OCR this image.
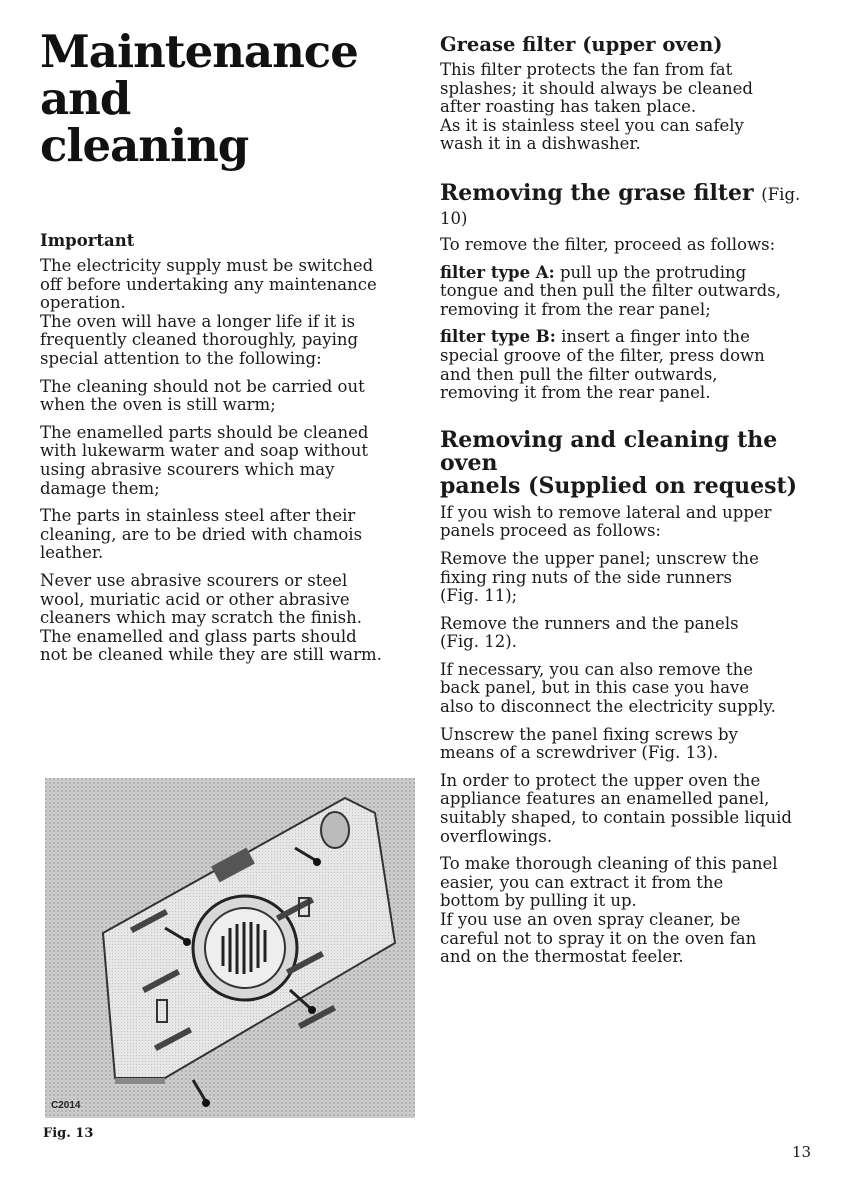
Maintenance and
cleaning
Important

The electricity supply must be switched
off before undertaking any maintenance
operation.
The oven will have a longer life if it is
frequently cleaned thoroughly, paying
special attention to the following:

The cleaning should not be carried out
when the oven is still warm;

The enamelled parts should be cleaned
with lukewarm water and soap without
using abrasive scourers which may
damage them;

The parts in stainless steel after their
cleaning, are to be dried with chamois
leather.

Never use abrasive scourers or steel
wool, muriatic acid or other abrasive
cleaners which may scratch the finish.
The enamelled and glass parts should
not be cleaned while they are still warm.

C2014
Fig. 13
Grease filter (upper oven)

This filter protects the fan from fat
splashes; it should always be cleaned
after roasting has taken place.
As it is stainless steel you can safely
wash it in a dishwasher.

Removing the grase filter (Fig. 10)

To remove the filter, proceed as follows:

filter type A: pull up the protruding
tongue and then pull the filter outwards,
removing it from the rear panel;

filter type B: insert a finger into the
special groove of the filter, press down
and then pull the filter outwards,
removing it from the rear panel.

Removing and cleaning the oven
panels (Supplied on request)

If you wish to remove lateral and upper
panels proceed as follows:

Remove the upper panel; unscrew the
fixing ring nuts of the side runners
(Fig. 11);

Remove the runners and the panels
(Fig. 12).

If necessary, you can also remove the
back panel, but in this case you have
also to disconnect the electricity supply.

Unscrew the panel fixing screws by
means of a screwdriver (Fig. 13).

In order to protect the upper oven the
appliance features an enamelled panel,
suitably shaped, to contain possible liquid
overflowings.

To make thorough cleaning of this panel
easier, you can extract it from the
bottom by pulling it up.
If you use an oven spray cleaner, be
careful not to spray it on the oven fan
and on the thermostat feeler.

13
